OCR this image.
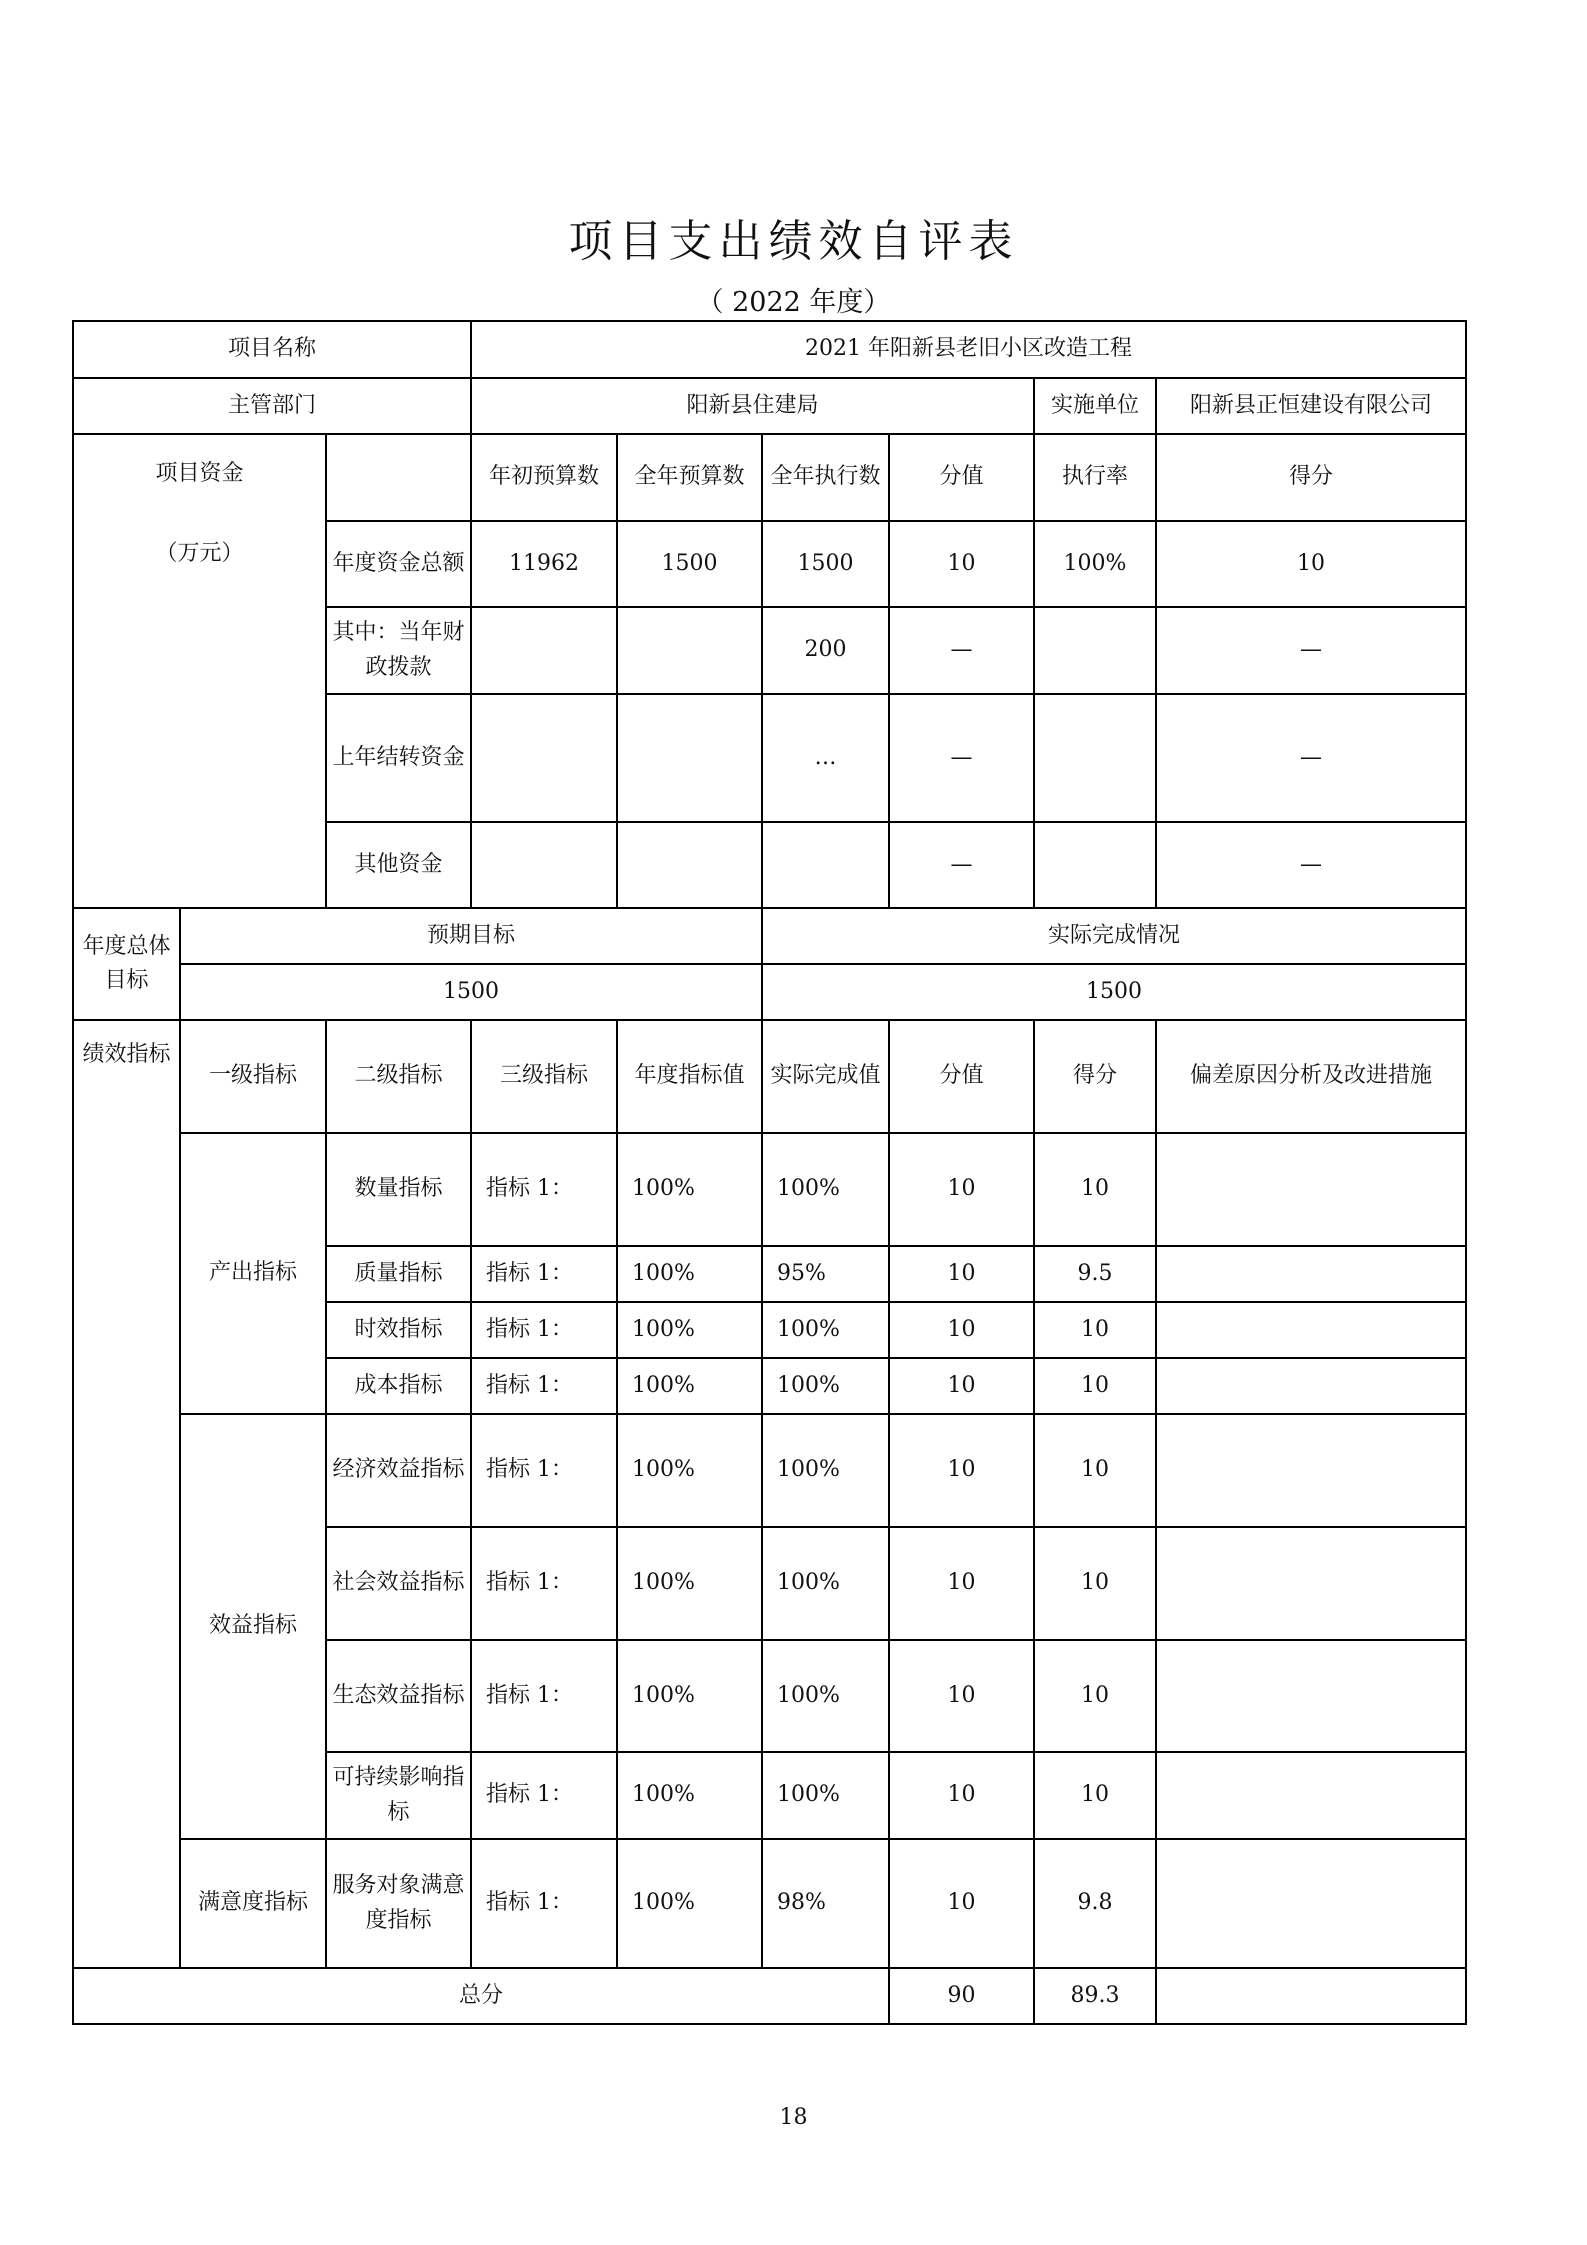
项目支出绩效自评表
（ 2022 年度）
项目名称			2021 年阳新县老旧小区改造工程					
主管部门			阳新县住建局				实施单位	阳新县正恒建设有限公司

项目资金
（万元）			年初预算数	全年预算数	全年执行数	分值	执行率	得分
		年度资金总额	11962	1500	1500	10	100%	10
		其中：当年财政拨款			200	—		—
		上年结转资金			…	—		—
		其他资金				—		—
年度总体目标	预期目标				实际完成情况			
	1500				1500			
绩效指标	一级指标	二级指标	三级指标	年度指标值	实际完成值	分值	得分	偏差原因分析及改进措施
	产出指标	数量指标	指标 1：	100%	100%	10	10	
		质量指标	指标 1：	100%	95%	10	9.5	
		时效指标	指标 1：	100%	100%	10	10	
		成本指标	指标 1：	100%	100%	10	10	
	效益指标	经济效益指标	指标 1：	100%	100%	10	10	
		社会效益指标	指标 1：	100%	100%	10	10	
		生态效益指标	指标 1：	100%	100%	10	10	
		可持续影响指标	指标 1：	100%	100%	10	10	
	满意度指标	服务对象满意度指标	指标 1：	100%	98%	10	9.8	
总分						90	89.3	
18
